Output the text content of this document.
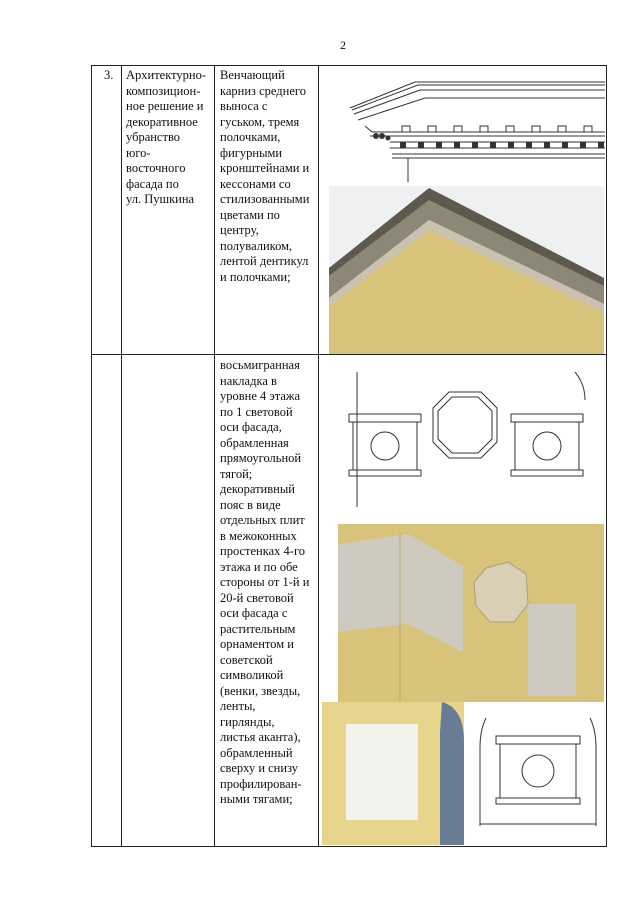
2
3. Архитектурно-
композицион-
ное решение и
декоративное
убранство
юго-
восточного
фасада по
ул. Пушкина
Венчающий
карниз среднего
выноса с
гуськом, тремя
полочками,
фигурными
кронштейнами и
кессонами со
стилизованными
цветами по
центру,
полувaликом,
лентой дентикул
и полочками;
восьмигранная
накладка в
уровне 4 этажа
по 1 световой
оси фасада,
обрамленная
прямоугольной
тягой;
декоративный
пояс в виде
отдельных плит
в межоконных
простенках 4-го
этажа и по обе
стороны от 1-й и
20-й световой
оси фасада с
растительным
орнаментом и
советской
символикой
(венки, звезды,
ленты,
гирлянды,
листья аканта),
обрамленный
сверху и снизу
профилирован-
ными тягами;
